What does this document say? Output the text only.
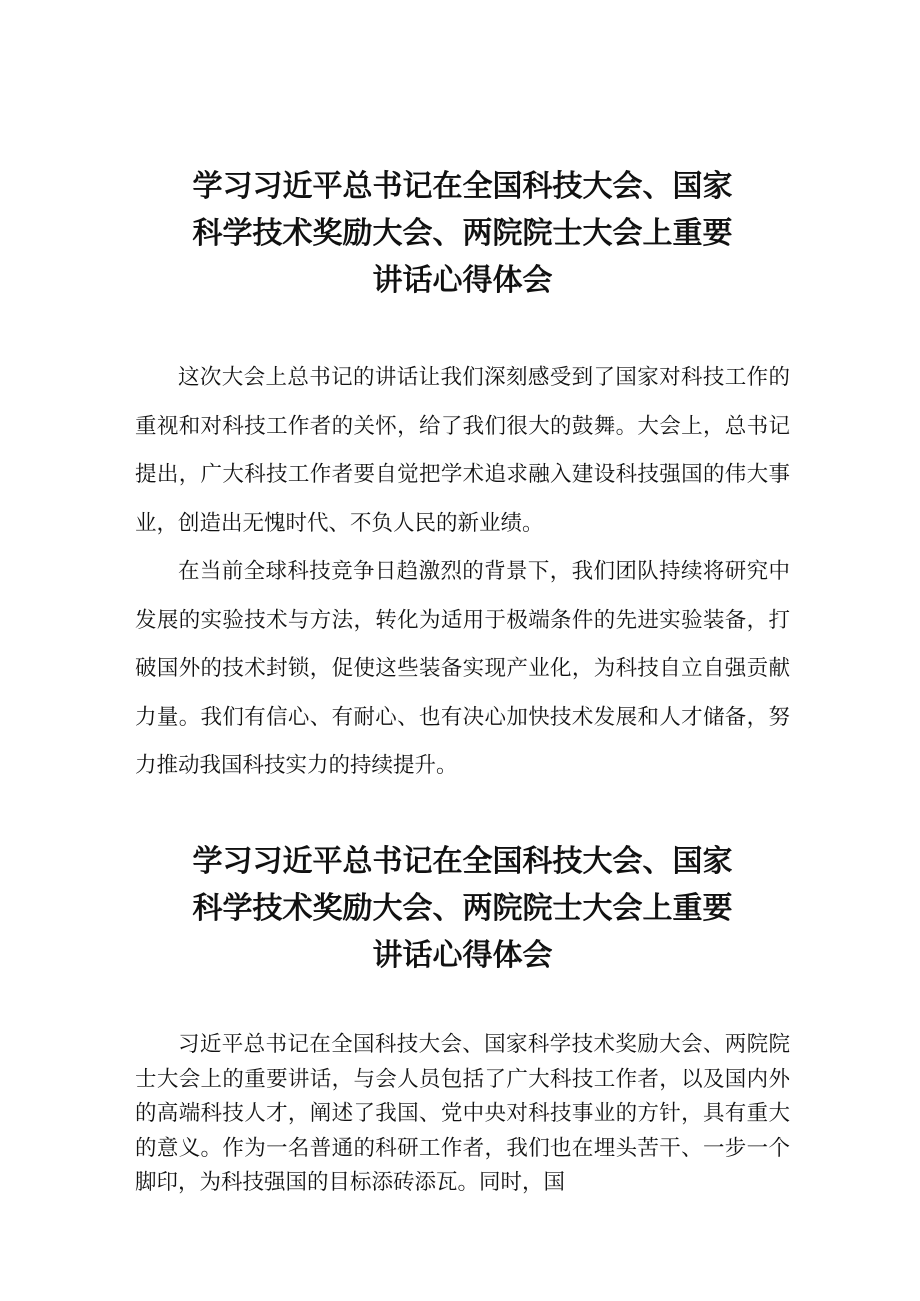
学习习近平总书记在全国科技大会、国家
科学技术奖励大会、两院院士大会上重要
讲话心得体会

这次大会上总书记的讲话让我们深刻感受到了国家对科技工作的重视和对科技工作者的关怀，给了我们很大的鼓舞。大会上，总书记提出，广大科技工作者要自觉把学术追求融入建设科技强国的伟大事业，创造出无愧时代、不负人民的新业绩。

在当前全球科技竞争日趋激烈的背景下，我们团队持续将研究中发展的实验技术与方法，转化为适用于极端条件的先进实验装备，打破国外的技术封锁，促使这些装备实现产业化，为科技自立自强贡献力量。我们有信心、有耐心、也有决心加快技术发展和人才储备，努力推动我国科技实力的持续提升。

学习习近平总书记在全国科技大会、国家
科学技术奖励大会、两院院士大会上重要
讲话心得体会

习近平总书记在全国科技大会、国家科学技术奖励大会、两院院士大会上的重要讲话，与会人员包括了广大科技工作者，以及国内外的高端科技人才，阐述了我国、党中央对科技事业的方针，具有重大的意义。作为一名普通的科研工作者，我们也在埋头苦干、一步一个脚印，为科技强国的目标添砖添瓦。同时，国
